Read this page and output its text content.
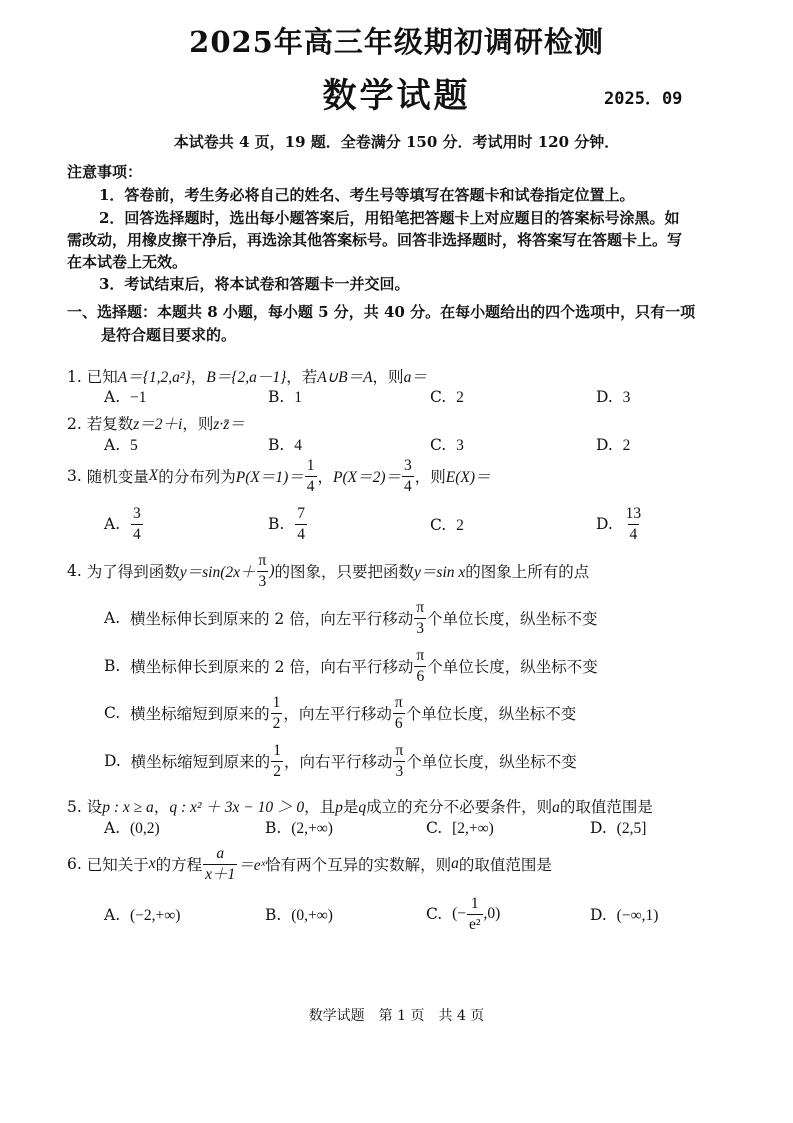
2025年高三年级期初调研检测
数学试题	2025．09
本试卷共 4 页，19 题．全卷满分 150 分．考试用时 120 分钟．
注意事项：
1．答卷前，考生务必将自己的姓名、考生号等填写在答题卡和试卷指定位置上。
2．回答选择题时，选出每小题答案后，用铅笔把答题卡上对应题目的答案标号涂黑。如
需改动，用橡皮擦干净后，再选涂其他答案标号。回答非选择题时，将答案写在答题卡上。写
在本试卷上无效。
3．考试结束后，将本试卷和答题卡一并交回。
一、选择题：本题共 8 小题，每小题 5 分，共 40 分。在每小题给出的四个选项中，只有一项
是符合题目要求的。
1. 已知A＝{1,2,a²}，B＝{2,a－1}，若A∪B＝A，则a＝
A. −1	B. 1	C. 2	D. 3
2. 若复数z＝2＋i，则z·z̄＝
A. 5	B. 4	C. 3	D. 2
3.
随机变量 X 的分布列为 $P(X=1)= \frac{1}{4}$ ， $P(X=2)= \frac{3}{4}$ ，则 E(X)＝
A.
$\frac{3}{4}$	B.
$\frac{7}{4}$	C. 2	D.
$\frac{13}{4}$
4.
为了得到函数 $y=\sin(2x+ \frac{\pi}{3}$ ) 的图象，只要把函数 y＝sin x 的图象上所有的点
A.
横坐标伸长到原来的 2 倍，向左平行移动 $\frac{\pi}{3}$ 个单位长度，纵坐标不变
B.
横坐标伸长到原来的 2 倍，向右平行移动 $\frac{\pi}{6}$ 个单位长度，纵坐标不变
C.
横坐标缩短到原来的 $\frac{1}{2}$ ，向左平行移动 $\frac{\pi}{6}$ 个单位长度，纵坐标不变
D.
横坐标缩短到原来的 $\frac{1}{2}$ ，向右平行移动 $\frac{\pi}{3}$ 个单位长度，纵坐标不变
5. 设p : x ≥ a，q : x² ＋ 3x − 10 ＞ 0，且p是q成立的充分不必要条件，则a的取值范围是
A. (0,2)	B. (2,+∞)	C. [2,+∞)	D. (2,5]
6.
已知关于 x 的方程 $\frac{a}{x+1}$ ＝eˣ 恰有两个互异的实数解，则 a 的取值范围是
A. (−2,+∞)	B. (0,+∞)	C.
(− $\frac{1}{\text{e²}} ,0$)	D. (−∞,1)
数学试题　第 1 页　共 4 页
